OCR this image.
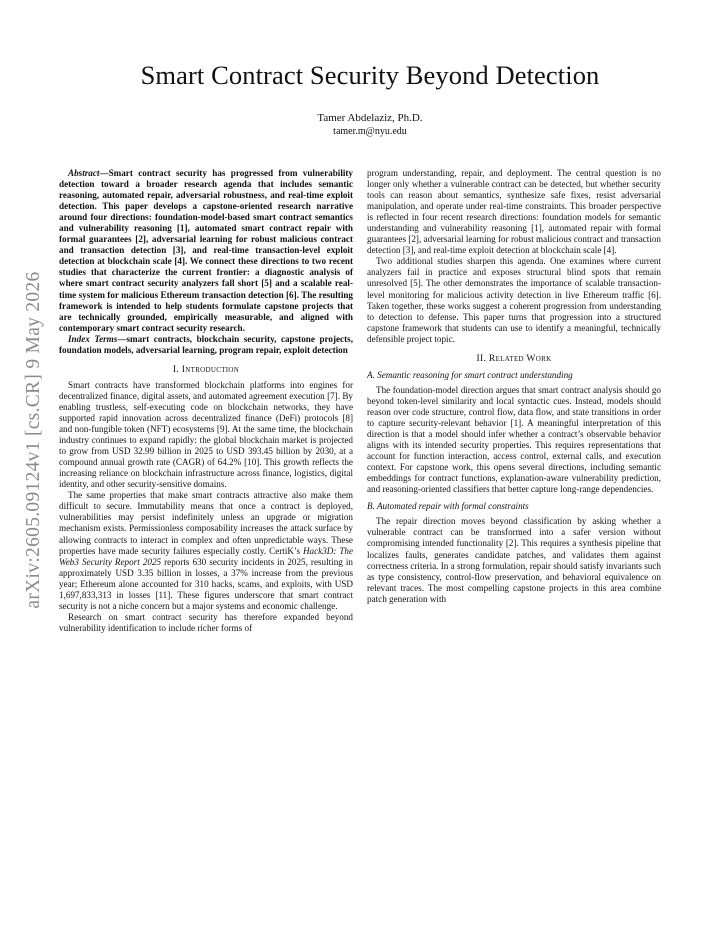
arXiv:2605.09124v1 [cs.CR] 9 May 2026
Smart Contract Security Beyond Detection
Tamer Abdelaziz, Ph.D.
tamer.m@nyu.edu

Abstract—Smart contract security has progressed from vulnerability detection toward a broader research agenda that includes semantic reasoning, automated repair, adversarial robustness, and real-time exploit detection. This paper develops a capstone-oriented research narrative around four directions: foundation-model-based smart contract semantics and vulnerability reasoning [1], automated smart contract repair with formal guarantees [2], adversarial learning for robust malicious contract and transaction detection [3], and real-time transaction-level exploit detection at blockchain scale [4]. We connect these directions to two recent studies that characterize the current frontier: a diagnostic analysis of where smart contract security analyzers fall short [5] and a scalable real-time system for malicious Ethereum transaction detection [6]. The resulting framework is intended to help students formulate capstone projects that are technically grounded, empirically measurable, and aligned with contemporary smart contract security research.

Index Terms—smart contracts, blockchain security, capstone projects, foundation models, adversarial learning, program repair, exploit detection

I. Introduction

Smart contracts have transformed blockchain platforms into engines for decentralized finance, digital assets, and automated agreement execution [7]. By enabling trustless, self-executing code on blockchain networks, they have supported rapid innovation across decentralized finance (DeFi) protocols [8] and non-fungible token (NFT) ecosystems [9]. At the same time, the blockchain industry continues to expand rapidly: the global blockchain market is projected to grow from USD 32.99 billion in 2025 to USD 393.45 billion by 2030, at a compound annual growth rate (CAGR) of 64.2% [10]. This growth reflects the increasing reliance on blockchain infrastructure across finance, logistics, digital identity, and other security-sensitive domains.

The same properties that make smart contracts attractive also make them difficult to secure. Immutability means that once a contract is deployed, vulnerabilities may persist indefinitely unless an upgrade or migration mechanism exists. Permissionless composability increases the attack surface by allowing contracts to interact in complex and often unpredictable ways. These properties have made security failures especially costly. CertiK’s Hack3D: The Web3 Security Report 2025 reports 630 security incidents in 2025, resulting in approximately USD 3.35 billion in losses, a 37% increase from the previous year; Ethereum alone accounted for 310 hacks, scams, and exploits, with USD 1,697,833,313 in losses [11]. These figures underscore that smart contract security is not a niche concern but a major systems and economic challenge.

Research on smart contract security has therefore expanded beyond vulnerability identification to include richer forms of

program understanding, repair, and deployment. The central question is no longer only whether a vulnerable contract can be detected, but whether security tools can reason about semantics, synthesize safe fixes, resist adversarial manipulation, and operate under real-time constraints. This broader perspective is reflected in four recent research directions: foundation models for semantic understanding and vulnerability reasoning [1], automated repair with formal guarantees [2], adversarial learning for robust malicious contract and transaction detection [3], and real-time exploit detection at blockchain scale [4].

Two additional studies sharpen this agenda. One examines where current analyzers fail in practice and exposes structural blind spots that remain unresolved [5]. The other demonstrates the importance of scalable transaction-level monitoring for malicious activity detection in live Ethereum traffic [6]. Taken together, these works suggest a coherent progression from understanding to detection to defense. This paper turns that progression into a structured capstone framework that students can use to identify a meaningful, technically defensible project topic.

II. Related Work
A. Semantic reasoning for smart contract understanding

The foundation-model direction argues that smart contract analysis should go beyond token-level similarity and local syntactic cues. Instead, models should reason over code structure, control flow, data flow, and state transitions in order to capture security-relevant behavior [1]. A meaningful interpretation of this direction is that a model should infer whether a contract’s observable behavior aligns with its intended security properties. This requires representations that account for function interaction, access control, external calls, and execution context. For capstone work, this opens several directions, including semantic embeddings for contract functions, explanation-aware vulnerability prediction, and reasoning-oriented classifiers that better capture long-range dependencies.

B. Automated repair with formal constraints

The repair direction moves beyond classification by asking whether a vulnerable contract can be transformed into a safer version without compromising intended functionality [2]. This requires a synthesis pipeline that localizes faults, generates candidate patches, and validates them against correctness criteria. In a strong formulation, repair should satisfy invariants such as type consistency, control-flow preservation, and behavioral equivalence on relevant traces. The most compelling capstone projects in this area combine patch generation with
